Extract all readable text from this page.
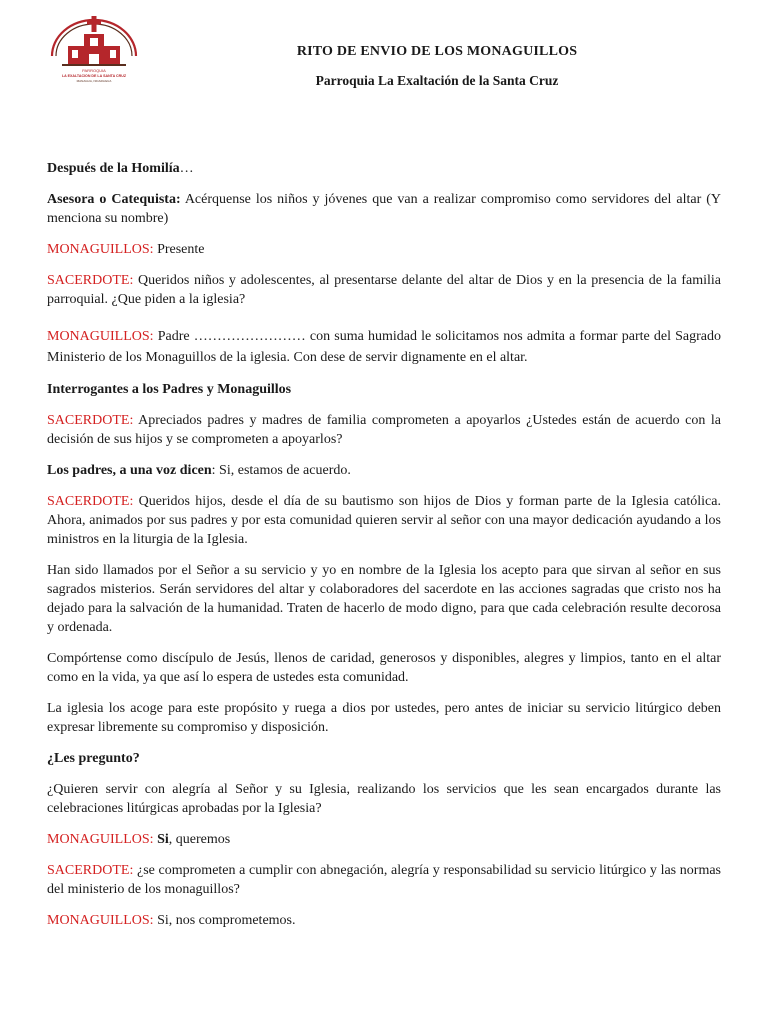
PARROQUIA
LA EXALTACION DE LA SANTA CRUZ
MANAGUA, NICARAGUA

RITO DE ENVIO DE LOS MONAGUILLOS

Parroquia La Exaltación de la Santa Cruz

Después de la Homilía…

Asesora o Catequista: Acérquense los niños y jóvenes que van a realizar compromiso como servidores del altar (Y menciona su nombre)

MONAGUILLOS: Presente

SACERDOTE: Queridos niños y adolescentes, al presentarse delante del altar de Dios y en la presencia de la familia parroquial. ¿Que piden a la iglesia?

MONAGUILLOS: Padre …………………… con suma humidad le solicitamos nos admita a formar parte del Sagrado Ministerio de los Monaguillos de la iglesia. Con dese de servir dignamente en el altar.

Interrogantes a los Padres y Monaguillos

SACERDOTE: Apreciados padres y madres de familia comprometen a apoyarlos ¿Ustedes están de acuerdo con la decisión de sus hijos y se comprometen a apoyarlos?

Los padres, a una voz dicen: Si, estamos de acuerdo.

SACERDOTE: Queridos hijos, desde el día de su bautismo son hijos de Dios y forman parte de la Iglesia católica. Ahora, animados por sus padres y por esta comunidad quieren servir al señor con una mayor dedicación ayudando a los ministros en la liturgia de la Iglesia.

Han sido llamados por el Señor a su servicio y yo en nombre de la Iglesia los acepto para que sirvan al señor en sus sagrados misterios. Serán servidores del altar y colaboradores del sacerdote en las acciones sagradas que cristo nos ha dejado para la salvación de la humanidad. Traten de hacerlo de modo digno, para que cada celebración resulte decorosa y ordenada.

Compórtense como discípulo de Jesús, llenos de caridad, generosos y disponibles, alegres y limpios, tanto en el altar como en la vida, ya que así lo espera de ustedes esta comunidad.

La iglesia los acoge para este propósito y ruega a dios por ustedes, pero antes de iniciar su servicio litúrgico deben expresar libremente su compromiso y disposición.

¿Les pregunto?

¿Quieren servir con alegría al Señor y su Iglesia, realizando los servicios que les sean encargados durante las celebraciones litúrgicas aprobadas por la Iglesia?

MONAGUILLOS: Si, queremos

SACERDOTE: ¿se comprometen a cumplir con abnegación, alegría y responsabilidad su servicio litúrgico y las normas del ministerio de los monaguillos?

MONAGUILLOS: Si, nos comprometemos.
